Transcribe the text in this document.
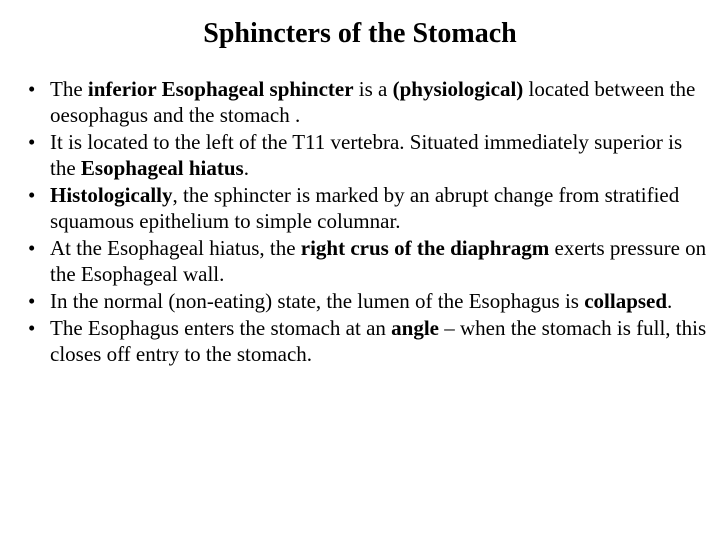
Sphincters of the Stomach
• The inferior Esophageal sphincter is a (physiological) located between the oesophagus and the stomach .
• It is located to the left of the T11 vertebra. Situated immediately superior is the Esophageal hiatus.
• Histologically, the sphincter is marked by an abrupt change from stratified squamous epithelium to simple columnar.
• At the Esophageal hiatus, the right crus of the diaphragm exerts pressure on the Esophageal wall.
• In the normal (non-eating) state, the lumen of the Esophagus is collapsed.
• The Esophagus enters the stomach at an angle – when the stomach is full, this closes off entry to the stomach.
